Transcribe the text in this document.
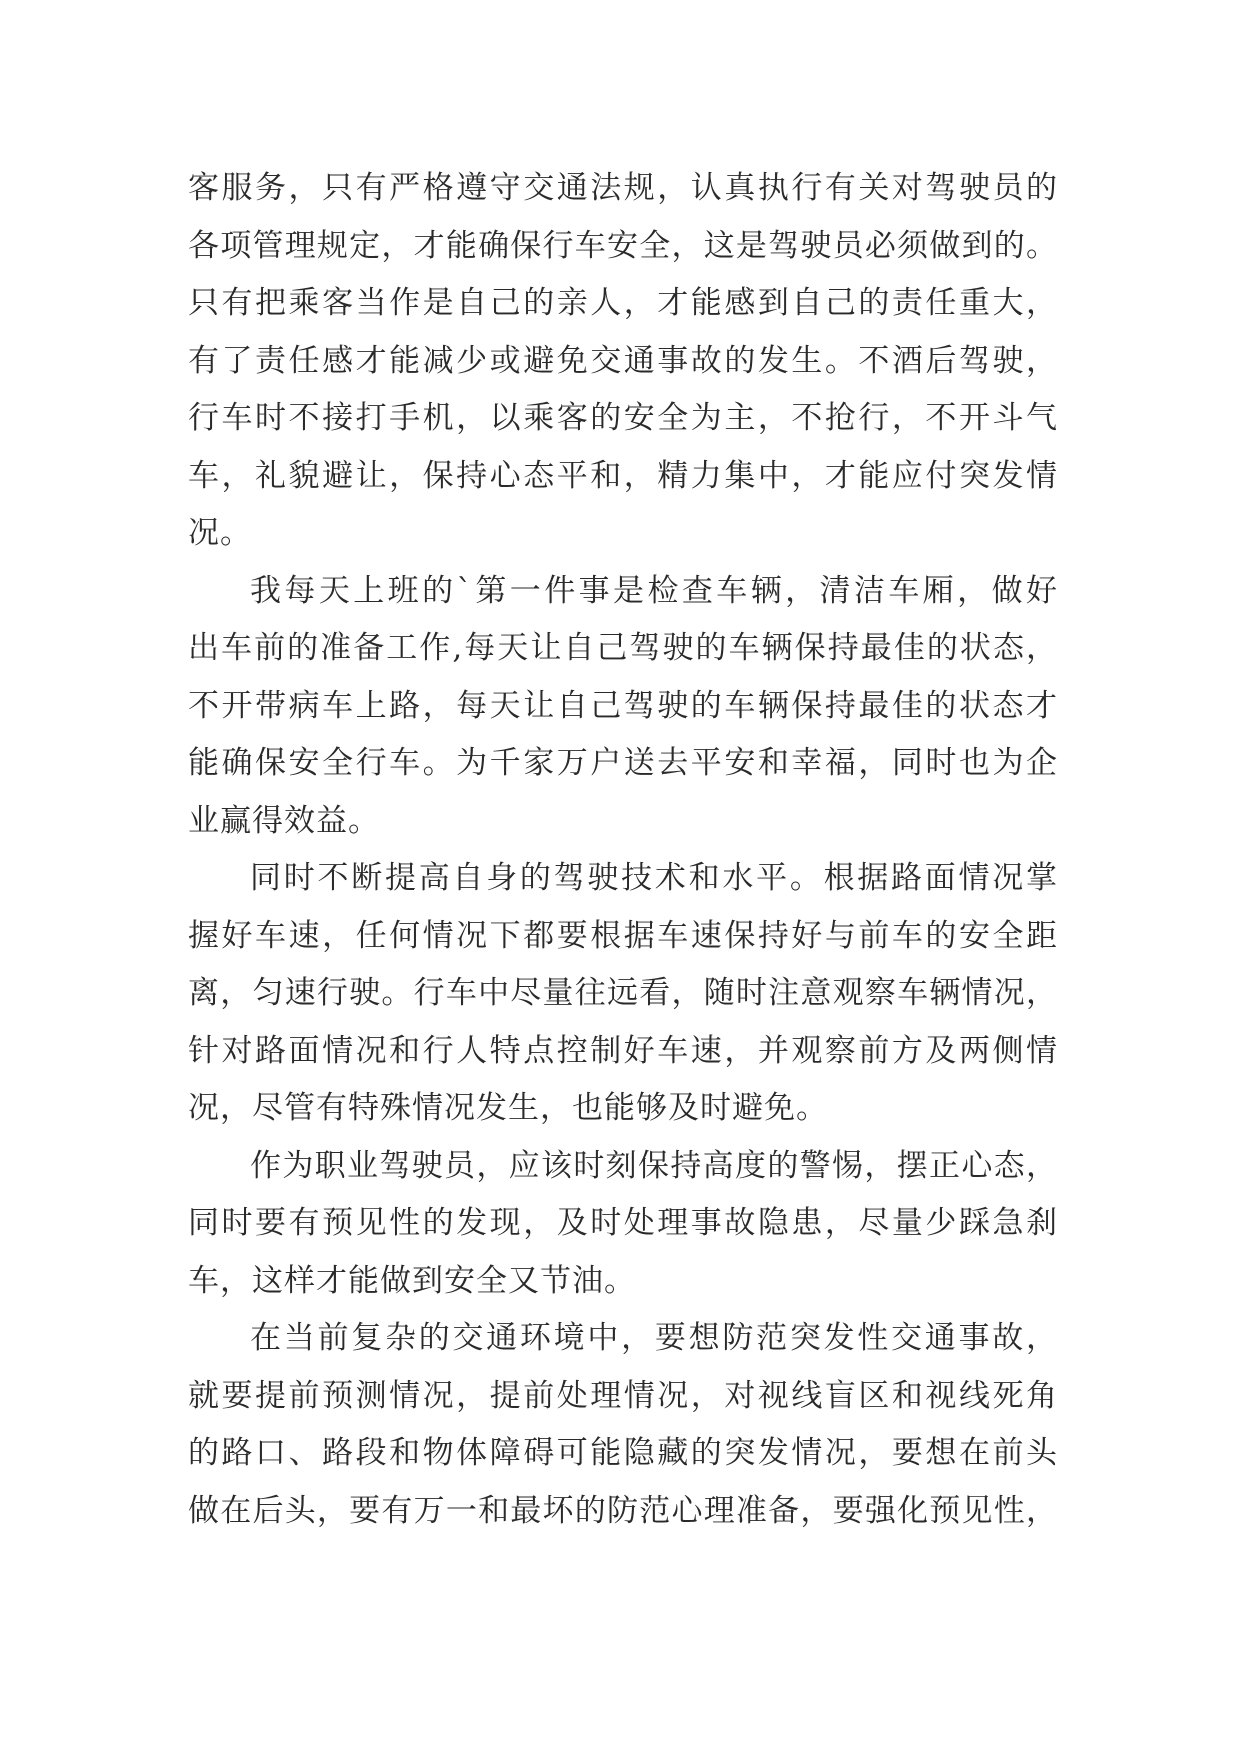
客服务，只有严格遵守交通法规，认真执行有关对驾驶员的
各项管理规定，才能确保行车安全，这是驾驶员必须做到的。
只有把乘客当作是自己的亲人，才能感到自己的责任重大，
有了责任感才能减少或避免交通事故的发生。不酒后驾驶，
行车时不接打手机，以乘客的安全为主，不抢行，不开斗气
车，礼貌避让，保持心态平和，精力集中，才能应付突发情
况。
我每天上班的`第一件事是检查车辆，清洁车厢，做好
出车前的准备工作,每天让自己驾驶的车辆保持最佳的状态，
不开带病车上路，每天让自己驾驶的车辆保持最佳的状态才
能确保安全行车。为千家万户送去平安和幸福，同时也为企
业赢得效益。
同时不断提高自身的驾驶技术和水平。根据路面情况掌
握好车速，任何情况下都要根据车速保持好与前车的安全距
离，匀速行驶。行车中尽量往远看，随时注意观察车辆情况，
针对路面情况和行人特点控制好车速，并观察前方及两侧情
况，尽管有特殊情况发生，也能够及时避免。
作为职业驾驶员，应该时刻保持高度的警惕，摆正心态，
同时要有预见性的发现，及时处理事故隐患，尽量少踩急刹
车，这样才能做到安全又节油。
在当前复杂的交通环境中，要想防范突发性交通事故，
就要提前预测情况，提前处理情况，对视线盲区和视线死角
的路口、路段和物体障碍可能隐藏的突发情况，要想在前头
做在后头，要有万一和最坏的防范心理准备，要强化预见性，
